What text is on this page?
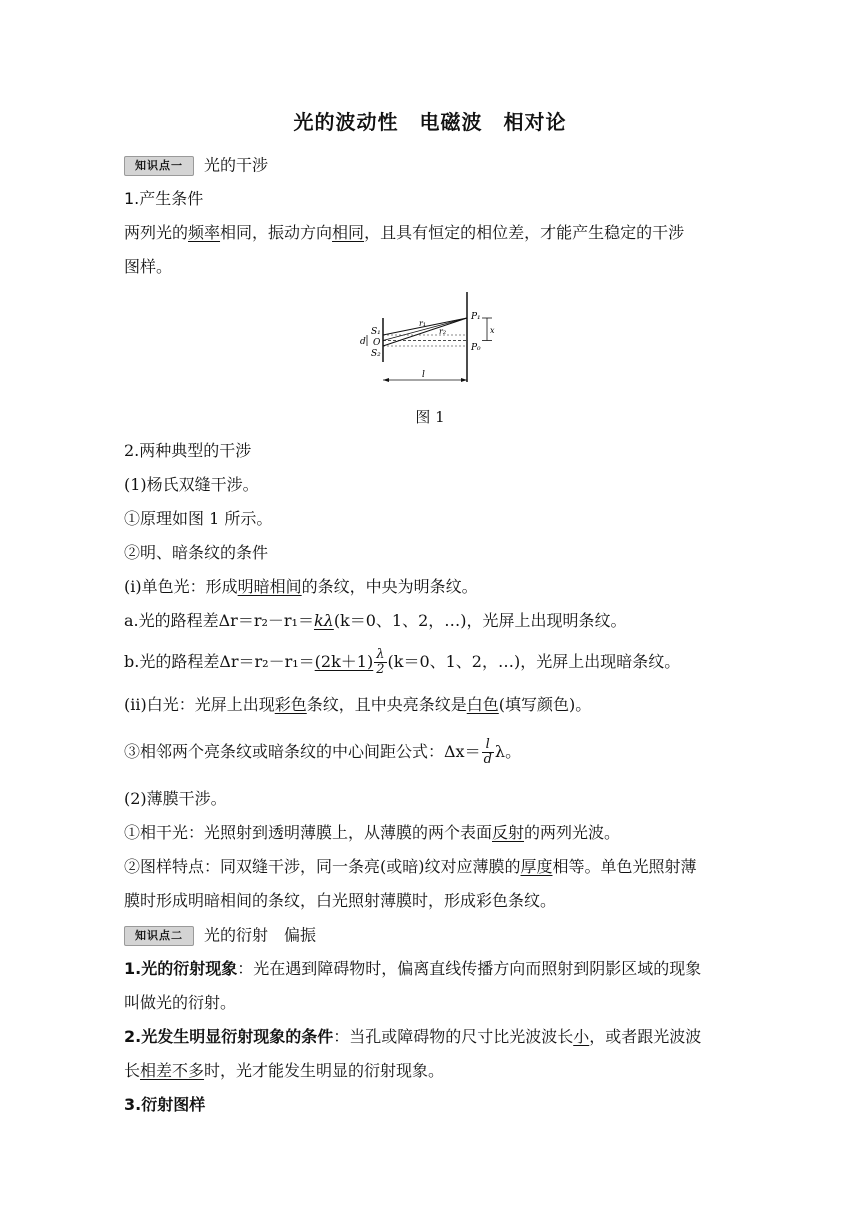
光的波动性　电磁波　相对论
知识点一 光的干涉
1.产生条件
两列光的频率相同，振动方向相同，且具有恒定的相位差，才能产生稳定的干涉
图样。
S₁
S₂
O
d
r₁
r₂
P₁
P₀
x
l
图 1
2.两种典型的干涉
(1)杨氏双缝干涉。
①原理如图 1 所示。
②明、暗条纹的条件
(ⅰ)单色光：形成明暗相间的条纹，中央为明条纹。
a.光的路程差Δr＝r₂－r₁＝kλ(k＝0、1、2，…)，光屏上出现明条纹。
b.光的路程差$\Delta r=r_2-r_1=(2k+1) \frac{\lambda}{2} (k=0$、1、2，…)，光屏上出现暗条纹。
(ⅱ)白光：光屏上出现彩色条纹，且中央亮条纹是白色(填写颜色)。
③相邻两个亮条纹或暗条纹的中心间距公式：$\Delta x= \frac{l}{d}$ λ。
(2)薄膜干涉。
①相干光：光照射到透明薄膜上，从薄膜的两个表面反射的两列光波。
②图样特点：同双缝干涉，同一条亮(或暗)纹对应薄膜的厚度相等。单色光照射薄
膜时形成明暗相间的条纹，白光照射薄膜时，形成彩色条纹。
知识点二 光的衍射　偏振
1.光的衍射现象：光在遇到障碍物时，偏离直线传播方向而照射到阴影区域的现象
叫做光的衍射。
2.光发生明显衍射现象的条件：当孔或障碍物的尺寸比光波波长小，或者跟光波波
长相差不多时，光才能发生明显的衍射现象。
3.衍射图样
